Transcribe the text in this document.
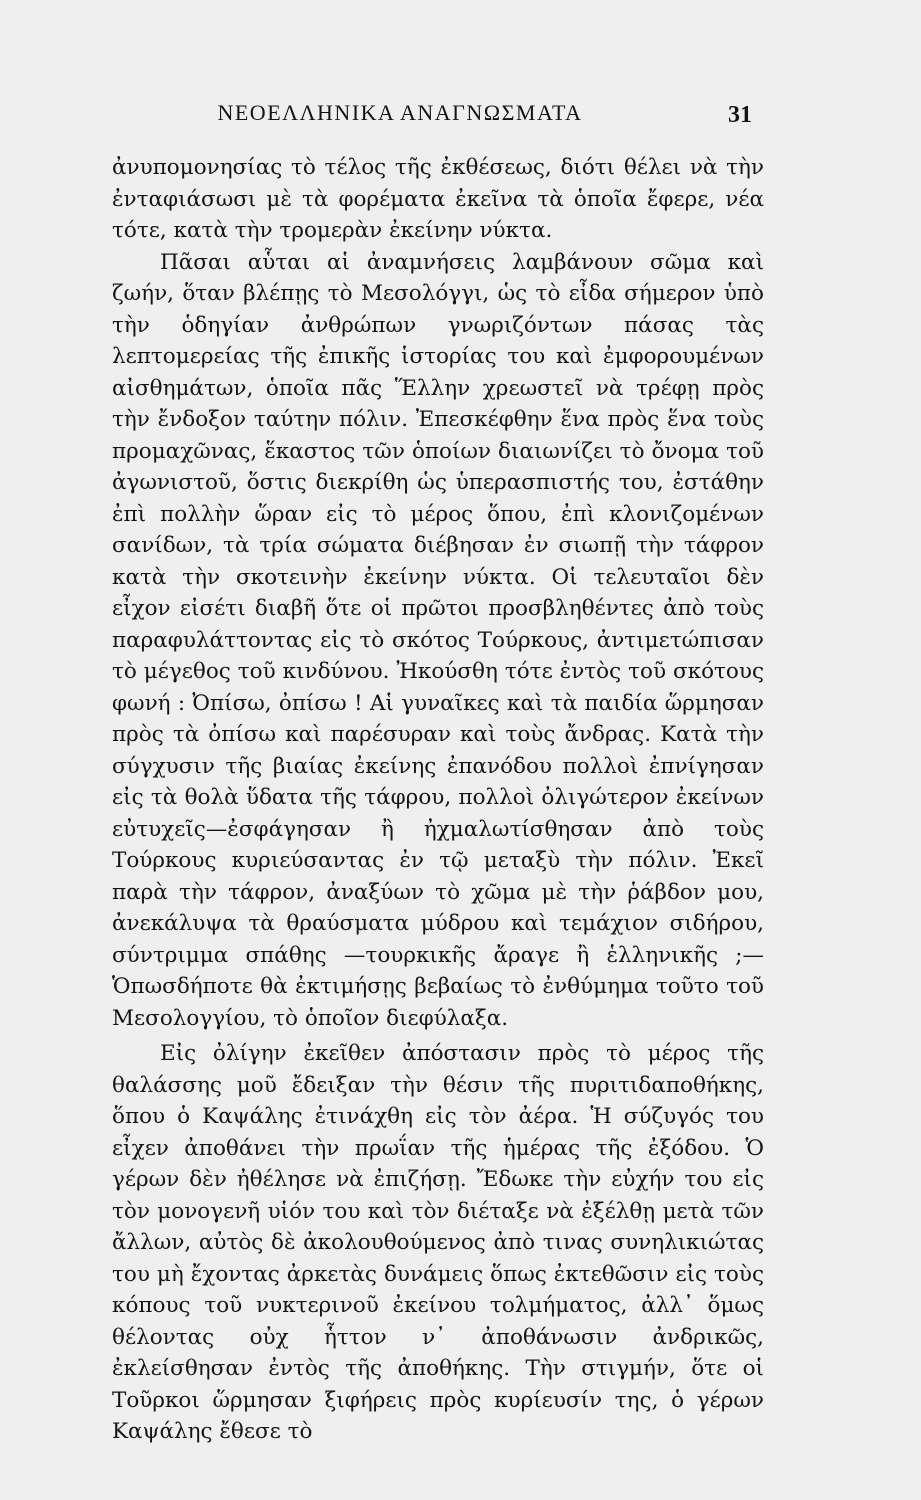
ΝΕΟΕΛΛΗΝΙΚΑ ΑΝΑΓΝΩΣΜΑΤΑ	31

ἀνυπομονησίας τὸ τέλος τῆς ἐκθέσεως, διότι θέλει νὰ τὴν ἐνταφιάσωσι μὲ τὰ φορέματα ἐκεῖνα τὰ ὁποῖα ἔφερε, νέα τότε, κατὰ τὴν τρομερὰν ἐκείνην νύκτα.

Πᾶσαι αὗται αἱ ἀναμνήσεις λαμβάνουν σῶμα καὶ ζωήν, ὅταν βλέπῃς τὸ Μεσολόγγι, ὡς τὸ εἶδα σήμερον ὑπὸ τὴν ὁδηγίαν ἀνθρώπων γνωριζόντων πάσας τὰς λεπτομερείας τῆς ἐπικῆς ἱστορίας του καὶ ἐμφορουμένων αἰσθημάτων, ὁποῖα πᾶς Ἕλλην χρεωστεῖ νὰ τρέφῃ πρὸς τὴν ἔνδοξον ταύτην πόλιν. Ἐπεσκέφθην ἕνα πρὸς ἕνα τοὺς προμαχῶνας, ἕκαστος τῶν ὁποίων διαιωνίζει τὸ ὄνομα τοῦ ἀγωνιστοῦ, ὅστις διεκρίθη ὡς ὑπερασπιστής του, ἐστάθην ἐπὶ πολλὴν ὥραν εἰς τὸ μέρος ὅπου, ἐπὶ κλονιζομένων σανίδων, τὰ τρία σώματα διέβησαν ἐν σιωπῇ τὴν τάφρον κατὰ τὴν σκοτεινὴν ἐκείνην νύκτα. Οἱ τελευταῖοι δὲν εἶχον εἰσέτι διαβῆ ὅτε οἱ πρῶτοι προσβληθέντες ἀπὸ τοὺς παραφυλάττοντας εἰς τὸ σκότος Τούρκους, ἀντιμετώπισαν τὸ μέγεθος τοῦ κινδύνου. Ἠκούσθη τότε ἐντὸς τοῦ σκότους φωνή : Ὀπίσω, ὀπίσω ! Αἱ γυναῖκες καὶ τὰ παιδία ὥρμησαν πρὸς τὰ ὀπίσω καὶ παρέσυραν καὶ τοὺς ἄνδρας. Κατὰ τὴν σύγχυσιν τῆς βιαίας ἐκείνης ἐπανόδου πολλοὶ ἐπνίγησαν εἰς τὰ θολὰ ὕδατα τῆς τάφρου, πολλοὶ ὀλιγώτερον ἐκείνων εὐτυχεῖς—ἐσφάγησαν ἢ ἠχμαλωτίσθησαν ἀπὸ τοὺς Τούρκους κυριεύσαντας ἐν τῷ μεταξὺ τὴν πόλιν. Ἐκεῖ παρὰ τὴν τάφρον, ἀναξύων τὸ χῶμα μὲ τὴν ῥάβδον μου, ἀνεκάλυψα τὰ θραύσματα μύδρου καὶ τεμάχιον σιδήρου, σύντριμμα σπάθης —τουρκικῆς ἄραγε ἢ ἑλληνικῆς ;—Ὁπωσδήποτε θὰ ἐκτιμήσῃς βεβαίως τὸ ἐνθύμημα τοῦτο τοῦ Μεσολογγίου, τὸ ὁποῖον διεφύλαξα.

Εἰς ὀλίγην ἐκεῖθεν ἀπόστασιν πρὸς τὸ μέρος τῆς θαλάσσης μοῦ ἔδειξαν τὴν θέσιν τῆς πυριτιδαποθήκης, ὅπου ὁ Καψάλης ἐτινάχθη εἰς τὸν ἀέρα. Ἡ σύζυγός του εἶχεν ἀποθάνει τὴν πρωΐαν τῆς ἡμέρας τῆς ἐξόδου. Ὁ γέρων δὲν ἠθέλησε νὰ ἐπιζήσῃ. Ἔδωκε τὴν εὐχήν του εἰς τὸν μονογενῆ υἱόν του καὶ τὸν διέταξε νὰ ἐξέλθῃ μετὰ τῶν ἄλλων, αὐτὸς δὲ ἀκολουθούμενος ἀπὸ τινας συνηλικιώτας του μὴ ἔχοντας ἀρκετὰς δυνάμεις ὅπως ἐκτεθῶσιν εἰς τοὺς κόπους τοῦ νυκτερινοῦ ἐκείνου τολμήματος, ἀλλ᾽ ὅμως θέλοντας οὐχ ἧττον ν᾽ ἀποθάνωσιν ἀνδρικῶς, ἐκλείσθησαν ἐντὸς τῆς ἀποθήκης. Τὴν στιγμήν, ὅτε οἱ Τοῦρκοι ὥρμησαν ξιφήρεις πρὸς κυρίευσίν της, ὁ γέρων Καψάλης ἔθεσε τὸ
